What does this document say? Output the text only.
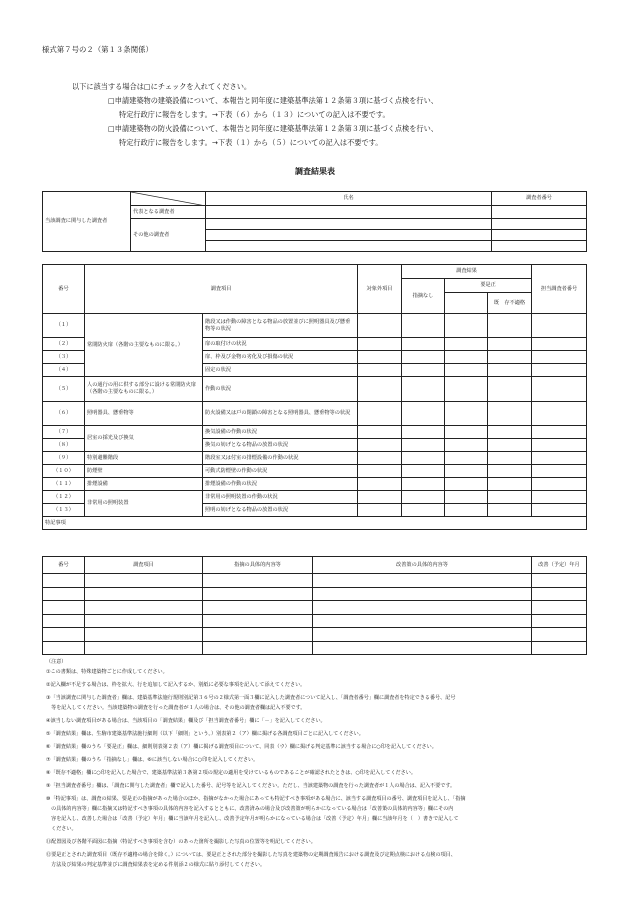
様式第７号の２（第１３条関係）
以下に該当する場合は□にチェックを入れてください。
□申請建築物の建築設備について、本報告と同年度に建築基準法第１２条第３項に基づく点検を行い、
特定行政庁に報告をします。→下表（６）から（１３）についての記入は不要です。
□申請建築物の防火設備について、本報告と同年度に建築基準法第１２条第３項に基づく点検を行い、
特定行政庁に報告をします。→下表（１）から（５）についての記入は不要です。
調査結果表
当該調査に関与した調査者		氏名	調査者番号
	代表となる調査者		
	その他の調査者		

番号	調査項目		対象外項目	調査結果			担当調査者番号
				指摘なし	要是正		
						既　存不適格	
（１）	常閉防火扉（各階の主要なものに限る。）	階段又は作動の障害となる物品の放置並びに照明器具及び懸垂物等の状況					
（２）		扉の取付けの状況					
（３）		扉、枠及び金物の劣化及び損傷の状況					
（４）		固定の状況					
（５）	人の通行の用に供する部分に設ける常閉防火扉（各階の主要なものに限る。）	作動の状況					
（６）	照明器具、懸垂物等	防火設備又は戸の閉鎖の障害となる照明器具、懸垂物等の状況					
（７）	居室の採光及び換気	換気設備の作動の状況					
（８）		換気の妨げとなる物品の放置の状況					
（９）	特別避難階段	階段室又は付室の排煙設備の作動の状況					
（１０）	防煙壁	可動式防煙壁の作動の状況					
（１１）	排煙設備	排煙設備の作動の状況					
（１２）	非常用の照明装置	非常用の照明装置の作動の状況					
（１３）		照明の妨げとなる物品の放置の状況					
特記事項							
番号	調査項目	指摘の具体的内容等	改善策の具体的内容等	改善（予定）年月

（注意）
①この書類は、特殊建築物ごとに作成してください。
②記入欄が不足する場合は、枠を拡大、行を追加して記入するか、別紙に必要な事項を記入して添えてください。
③「当該調査に関与した調査者」欄は、建築基準法施行規則別記第３６号の２様式第一面３欄に記入した調査者について記入し、「調査者番号」欄に調査者を特定できる番号、記号
　等を記入してください。当該建築物の調査を行った調査者が１人の場合は、その他の調査者欄は記入不要です。
④該当しない調査項目がある場合は、当該項目の「調査結果」欄及び「担当調査者番号」欄に「－」を記入してください。
⑤「調査結果」欄は、生駒市建築基準法施行細則（以下「細則」という。）別表第２（ア）欄に掲げる各調査項目ごとに記入してください。
⑥「調査結果」欄のうち「要是正」欄は、細則別表第２表（ア）欄に掲げる調査項目について、同表（ウ）欄に掲げる判定基準に該当する場合に○印を記入してください。
⑦「調査結果」欄のうち「指摘なし」欄は、⑥に該当しない場合に○印を記入してください。
⑧「既存不適格」欄に○印を記入した場合で、建築基準法第３条第２項の規定の適用を受けているものであることが確認されたときは、○印を記入してください。
⑨「担当調査者番号」欄は、「調査に関与した調査者」欄で記入した番号、記号等を記入してください。ただし、当該建築物の調査を行った調査者が１人の場合は、記入不要です。
⑩「特記事項」は、調査の結果、要是正の指摘があった場合のほか、指摘がなかった場合にあっても特記すべき事項がある場合に、該当する調査項目の番号、調査項目を記入し、「指摘
　の具体的内容等」欄に指摘又は特記すべき事項の具体的内容を記入するとともに、改善済みの場合及び改善策が明らかになっている場合は「改善策の具体的内容等」欄にその内
　容を記入し、改善した場合は「改善（予定）年月」欄に当該年月を記入し、改善予定年月が明らかになっている場合は「改善（予定）年月」欄に当該年月を（　）書きで記入して
　ください。
⑪配置図及び各階平面図に指摘（特記すべき事項を含む）のあった箇所を撮影した写真の位置等を明記してください。
⑫要是正とされた調査項目（既存不適格の場合を除く。）については、要是正とされた部分を撮影した写真を建築物の定期調査報告における調査及び定期点検における点検の項目、
　方法及び結果の判定基準並びに調査結果表を定める件別添２の様式に貼り添付してください。
